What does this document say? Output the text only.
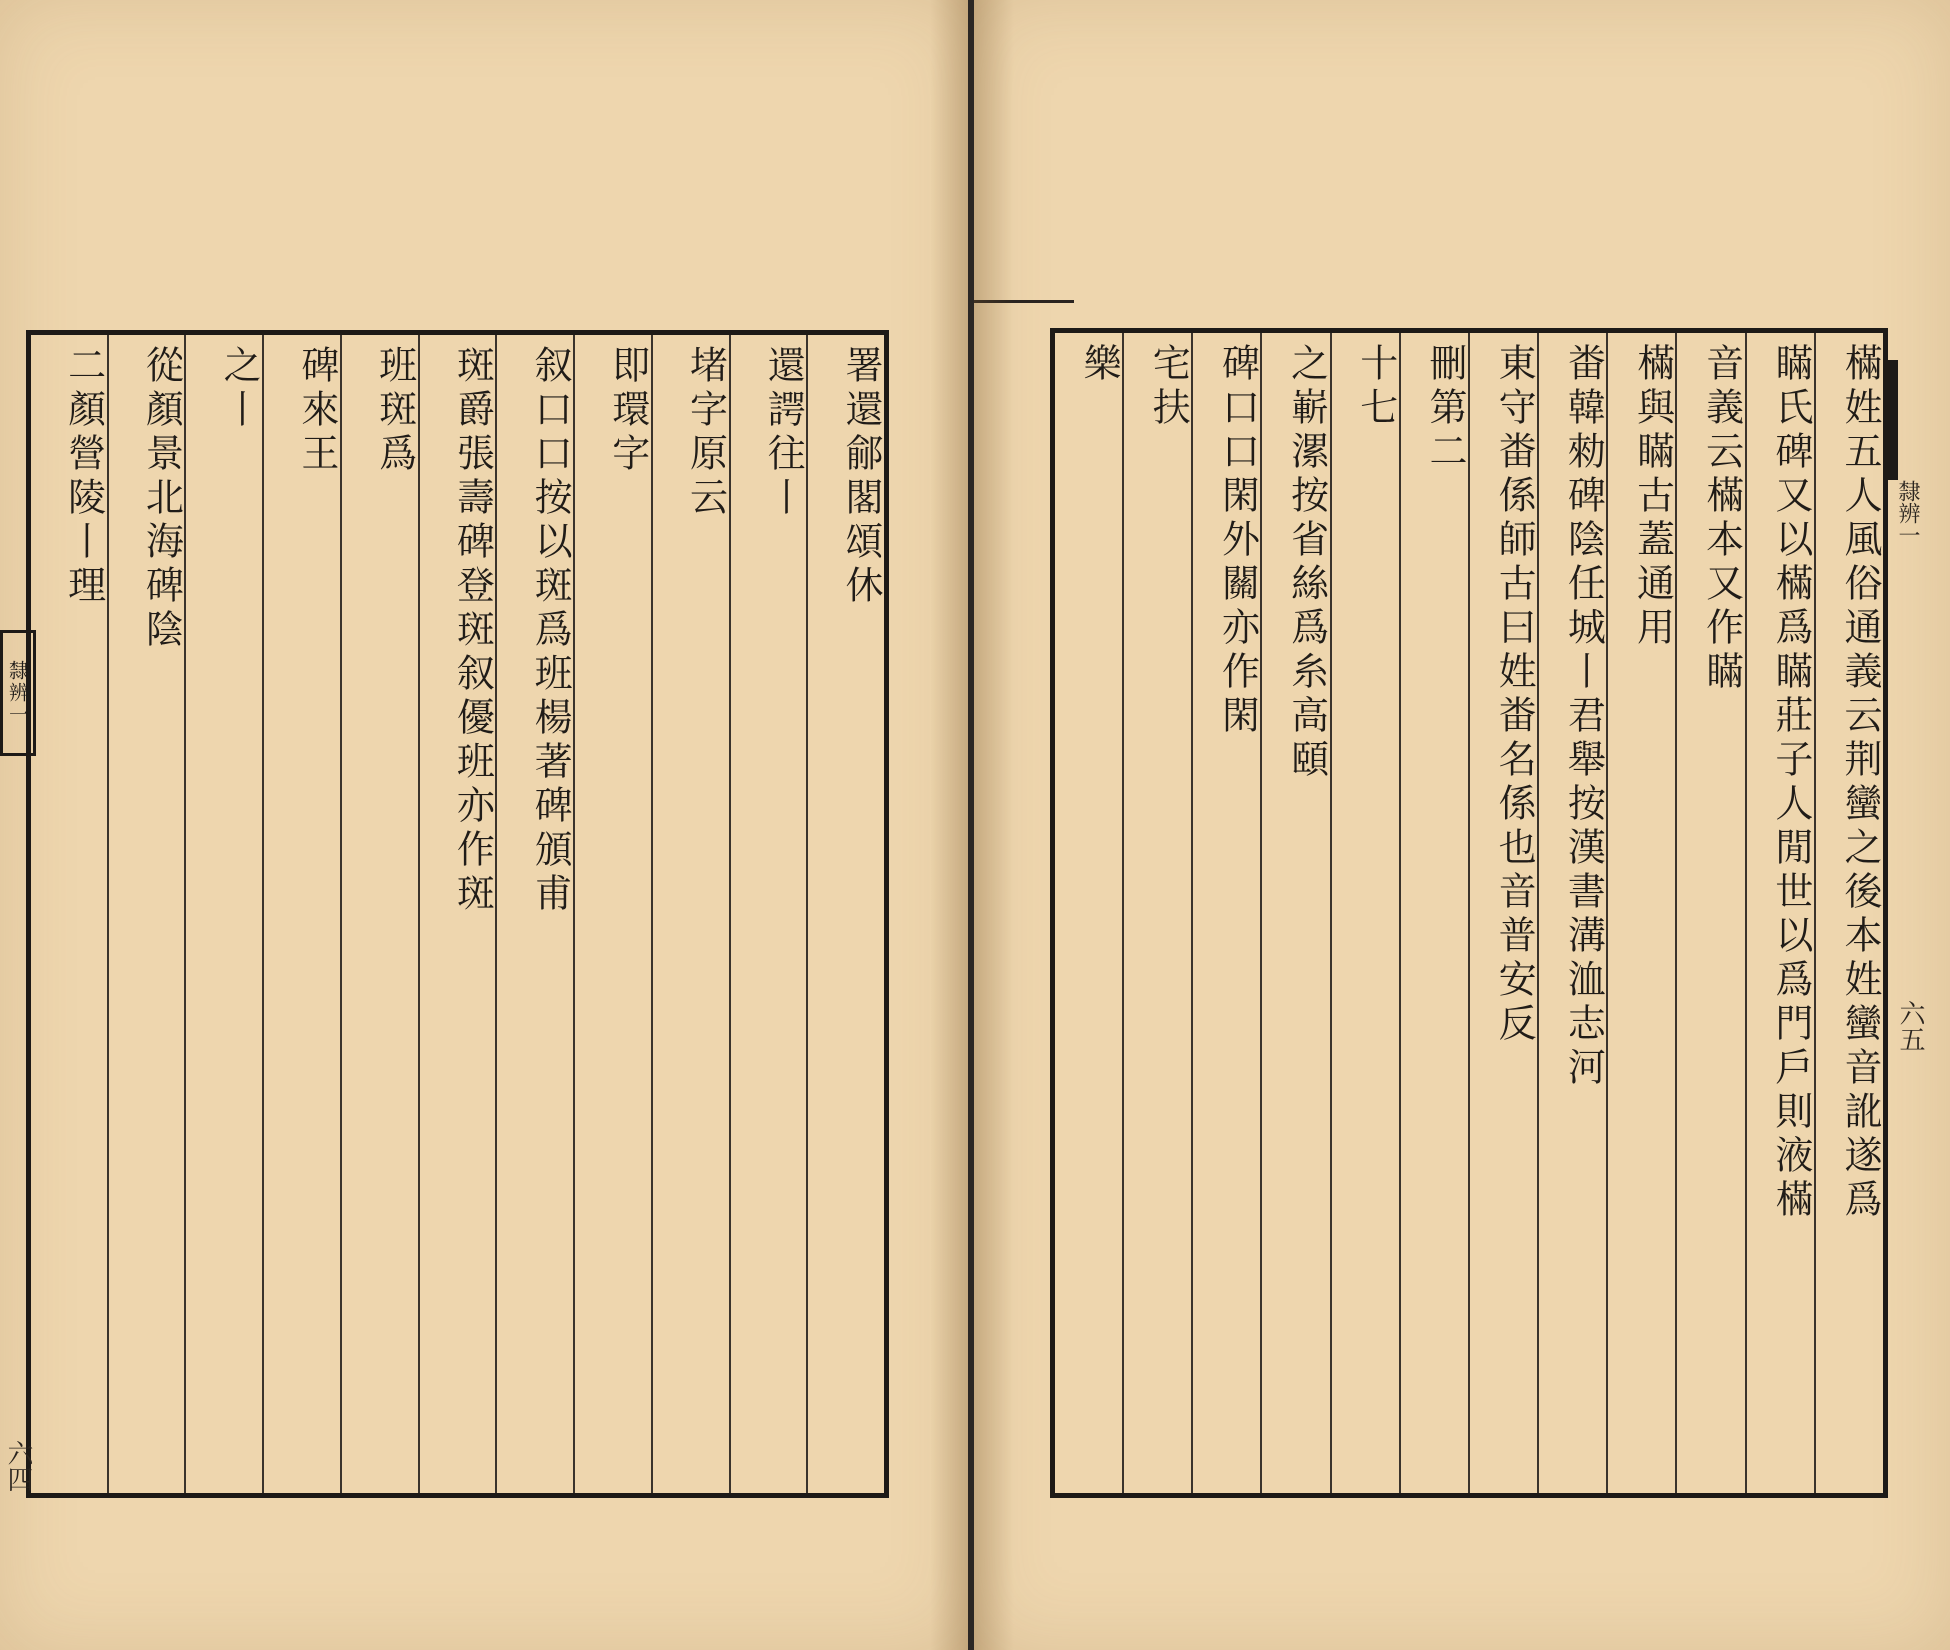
署還鄃閣頌休
還諤往丨
堵字原云
即環字
叙口口按以斑爲班楊著碑頒甫
斑爵張壽碑登斑叙優班亦作斑
班斑爲
碑來王
之丨
從顏景北海碑陰
二顏營陵丨理
隸辨一
六四
樠姓五人風俗通義云荆蠻之後本姓蠻音訛遂爲
瞞氏碑又以樠爲瞞莊子人閒世以爲門戶則液樠
音義云樠本又作瞞
樠與瞞古蓋通用
畨韓勑碑陰任城丨君舉按漢書溝洫志河
東守畨係師古曰姓畨名係也音普安反
刪第二
十七
之嶄漯按省絲爲糸高頤
碑口口閑外關亦作閑
宅扶
樂
隸辨一
六五
